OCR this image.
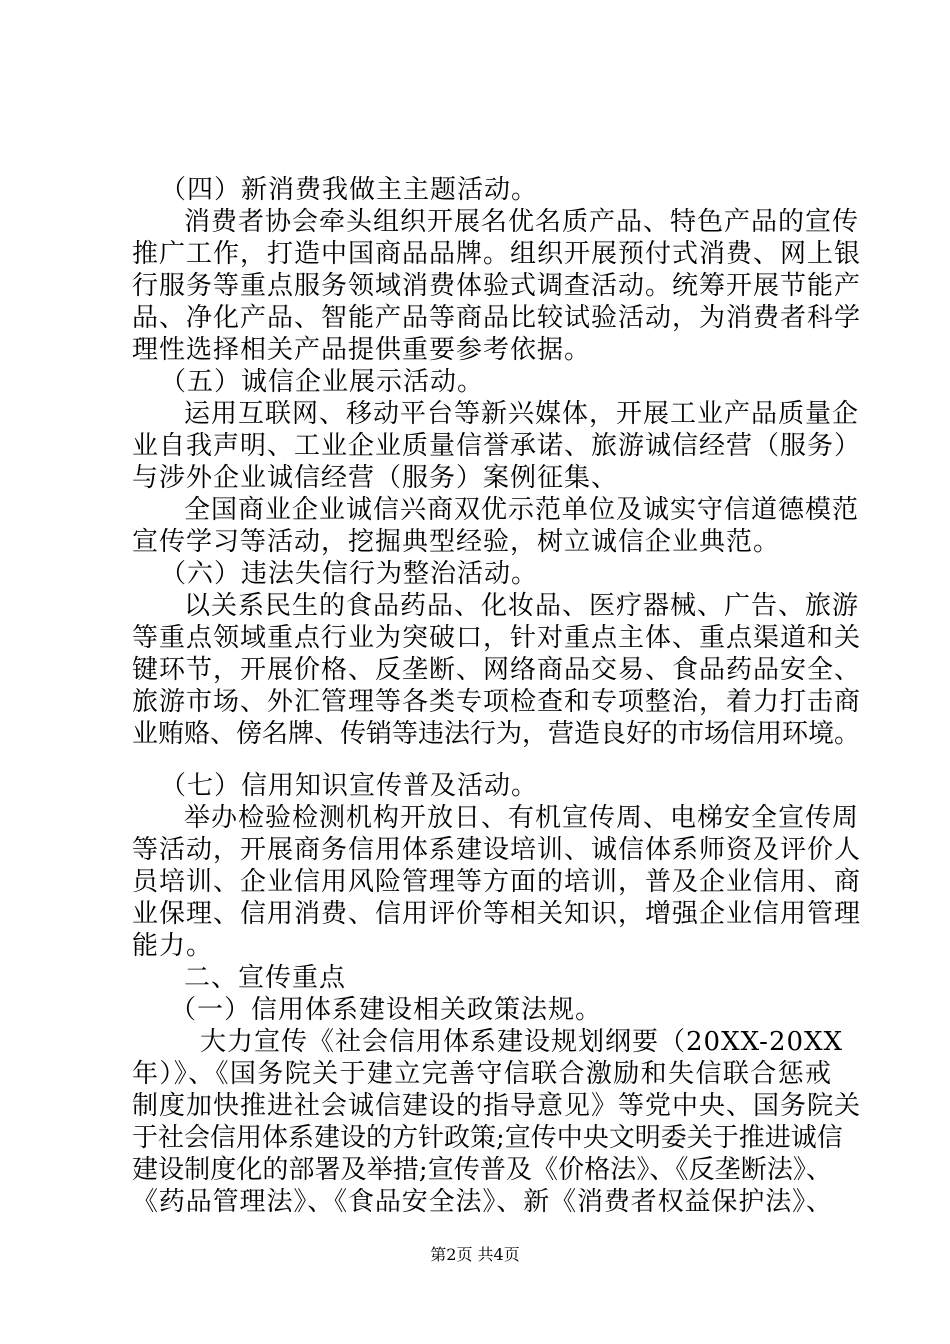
（四）新消费我做主主题活动。
消费者协会牵头组织开展名优名质产品、特色产品的宣传
推广工作，打造中国商品品牌。组织开展预付式消费、网上银
行服务等重点服务领域消费体验式调查活动。统筹开展节能产
品、净化产品、智能产品等商品比较试验活动，为消费者科学
理性选择相关产品提供重要参考依据。
（五）诚信企业展示活动。
运用互联网、移动平台等新兴媒体，开展工业产品质量企
业自我声明、工业企业质量信誉承诺、旅游诚信经营（服务）
与涉外企业诚信经营（服务）案例征集、
全国商业企业诚信兴商双优示范单位及诚实守信道德模范
宣传学习等活动，挖掘典型经验，树立诚信企业典范。
（六）违法失信行为整治活动。
以关系民生的食品药品、化妆品、医疗器械、广告、旅游
等重点领域重点行业为突破口，针对重点主体、重点渠道和关
键环节，开展价格、反垄断、网络商品交易、食品药品安全、
旅游市场、外汇管理等各类专项检查和专项整治，着力打击商
业贿赂、傍名牌、传销等违法行为，营造良好的市场信用环境。
（七）信用知识宣传普及活动。
举办检验检测机构开放日、有机宣传周、电梯安全宣传周
等活动，开展商务信用体系建设培训、诚信体系师资及评价人
员培训、企业信用风险管理等方面的培训，普及企业信用、商
业保理、信用消费、信用评价等相关知识，增强企业信用管理
能力。
二、宣传重点
（一）信用体系建设相关政策法规。
大力宣传《社会信用体系建设规划纲要（20XX-20XX
年）》、《国务院关于建立完善守信联合激励和失信联合惩戒
制度加快推进社会诚信建设的指导意见》等党中央、国务院关
于社会信用体系建设的方针政策;宣传中央文明委关于推进诚信
第2页 共4页
建设制度化的部署及举措;宣传普及《价格法》、《反垄断法》、
《药品管理法》、《食品安全法》、新《消费者权益保护法》、
